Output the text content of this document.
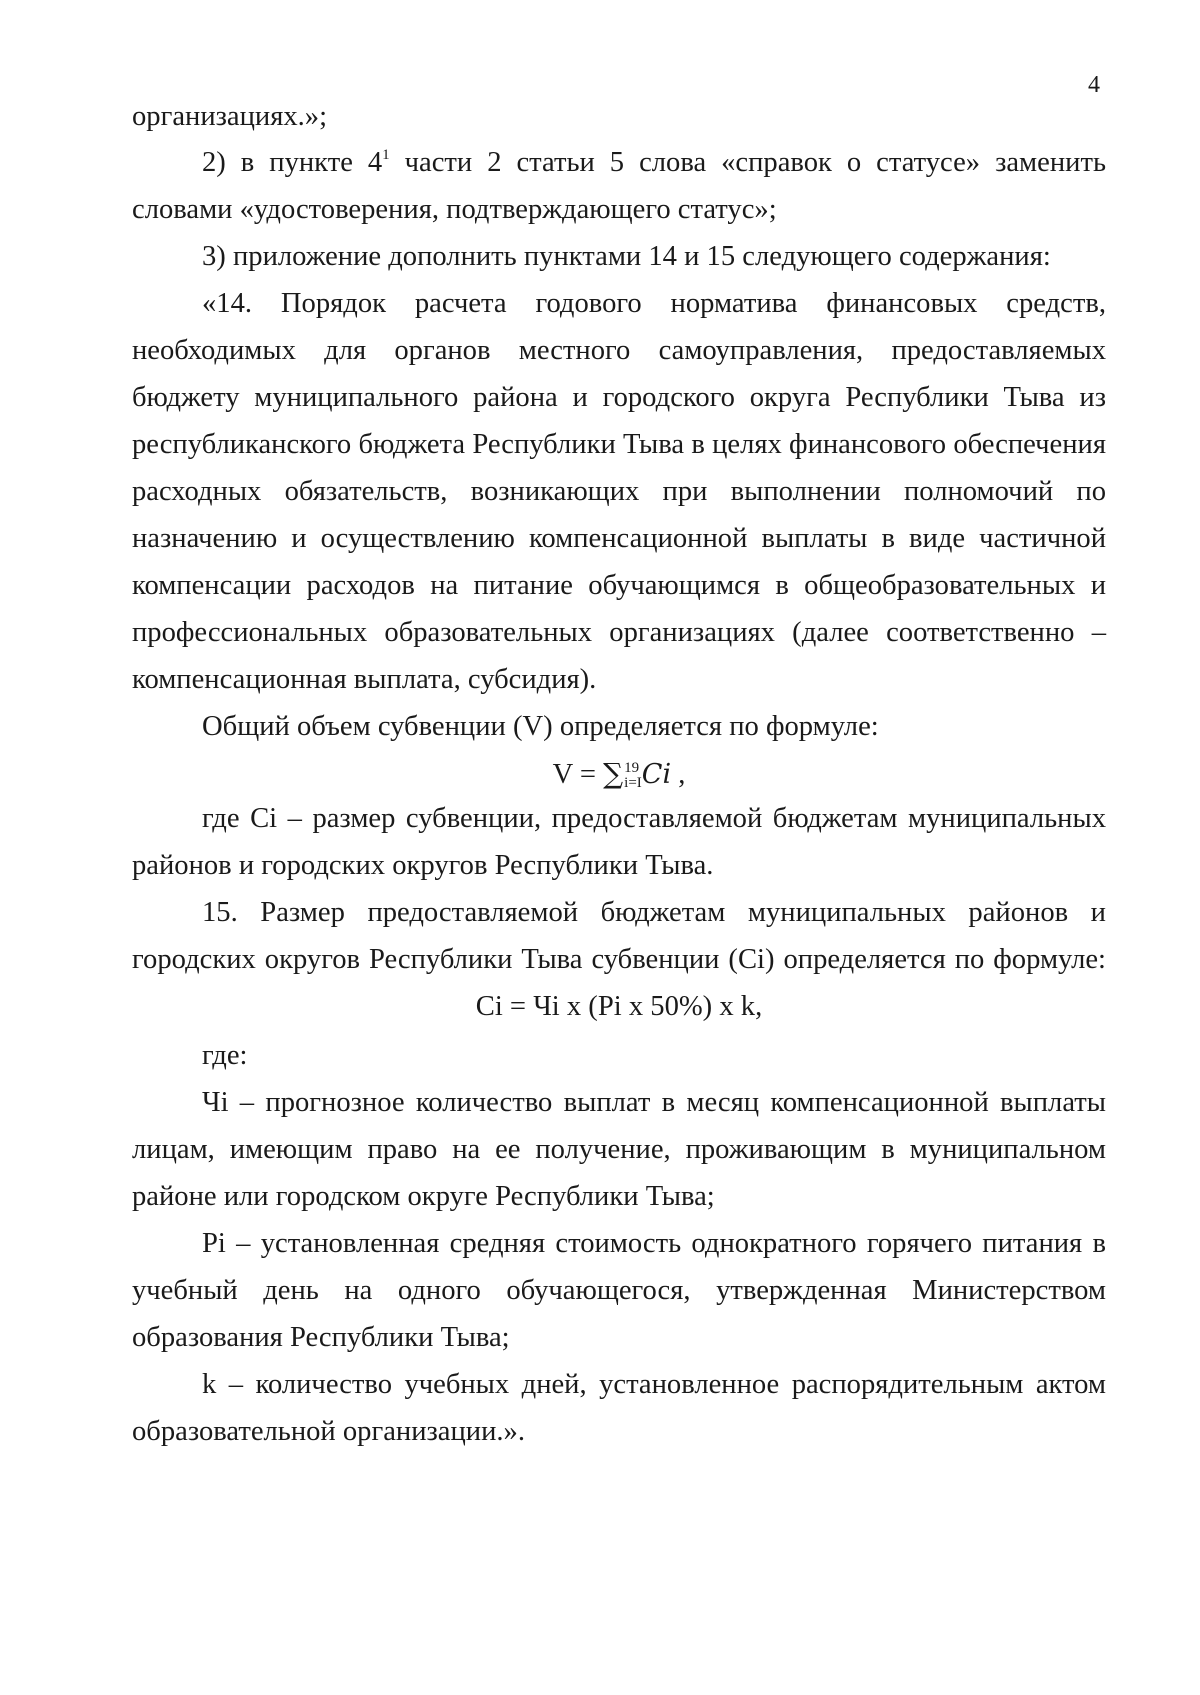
4
организациях.»;
2) в пункте $4^1$ части 2 статьи 5 слова «справок о статусе» заменить
словами «удостоверения, подтверждающего статус»;
3) приложение дополнить пунктами 14 и 15 следующего содержания:
«14. Порядок расчета годового норматива финансовых средств,
необходимых для органов местного самоуправления, предоставляемых
бюджету муниципального района и городского округа Республики Тыва из
республиканского бюджета Республики Тыва в целях финансового обеспечения
расходных обязательств, возникающих при выполнении полномочий по
назначению и осуществлению компенсационной выплаты в виде частичной
компенсации расходов на питание обучающимся в общеобразовательных и
профессиональных образовательных организациях (далее соответственно –
компенсационная выплата, субсидия).
Общий объем субвенции (V) определяется по формуле:
V = ∑19
i=ICi ,
где Ci – размер субвенции, предоставляемой бюджетам муниципальных
районов и городских округов Республики Тыва.
15. Размер предоставляемой бюджетам муниципальных районов и
городских округов Республики Тыва субвенции (Ci) определяется по формуле:
Ci = Чi x (Pi x 50%) x k,
где:
Чi – прогнозное количество выплат в месяц компенсационной выплаты
лицам, имеющим право на ее получение, проживающим в муниципальном
районе или городском округе Республики Тыва;
Pi – установленная средняя стоимость однократного горячего питания в
учебный день на одного обучающегося, утвержденная Министерством
образования Республики Тыва;
k – количество учебных дней, установленное распорядительным актом
образовательной организации.».
